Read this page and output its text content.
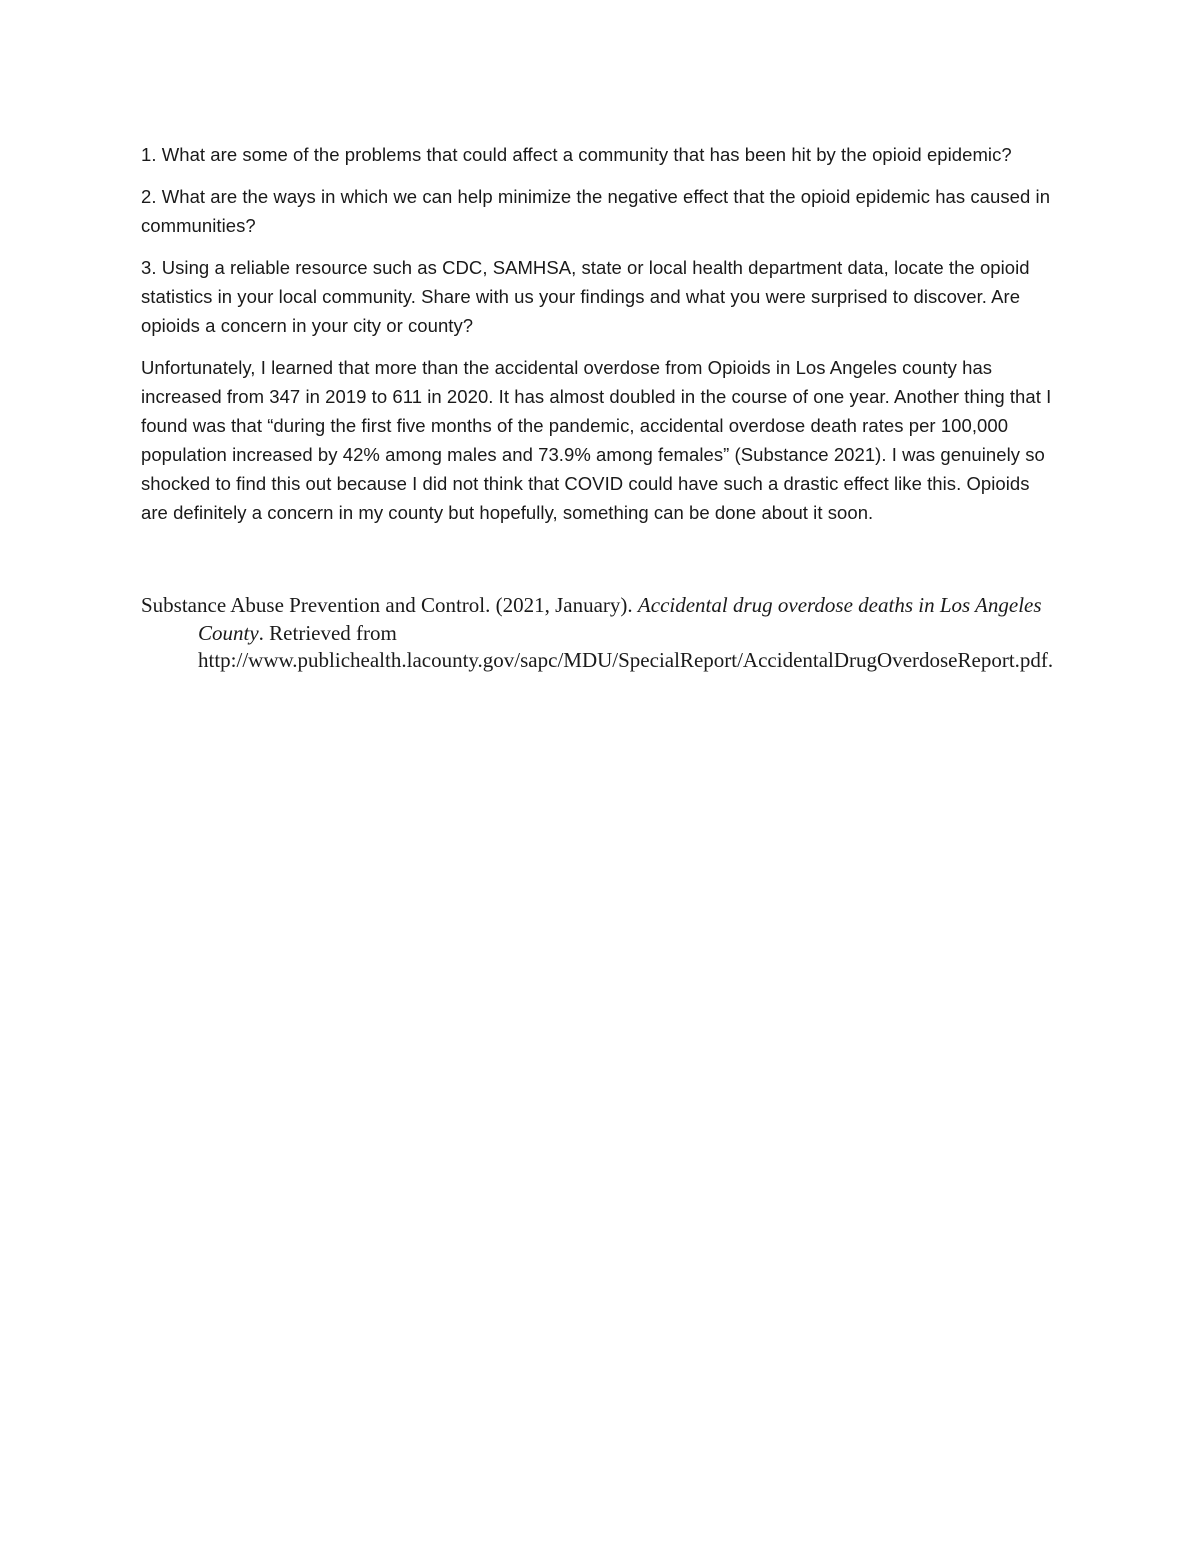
1. What are some of the problems that could affect a community that has been hit by the opioid epidemic?

2. What are the ways in which we can help minimize the negative effect that the opioid epidemic has caused in communities?

3. Using a reliable resource such as CDC, SAMHSA, state or local health department data, locate the opioid statistics in your local community. Share with us your findings and what you were surprised to discover. Are opioids a concern in your city or county?

Unfortunately, I learned that more than the accidental overdose from Opioids in Los Angeles county has increased from 347 in 2019 to 611 in 2020. It has almost doubled in the course of one year. Another thing that I found was that “during the first five months of the pandemic, accidental overdose death rates per 100,000 population increased by 42% among males and 73.9% among females” (Substance 2021). I was genuinely so shocked to find this out because I did not think that COVID could have such a drastic effect like this. Opioids are definitely a concern in my county but hopefully, something can be done about it soon.

Substance Abuse Prevention and Control. (2021, January). Accidental drug overdose deaths in Los Angeles County. Retrieved from http://www.publichealth.lacounty.gov/sapc/MDU/SpecialReport/AccidentalDrugOverdoseReport.pdf.
